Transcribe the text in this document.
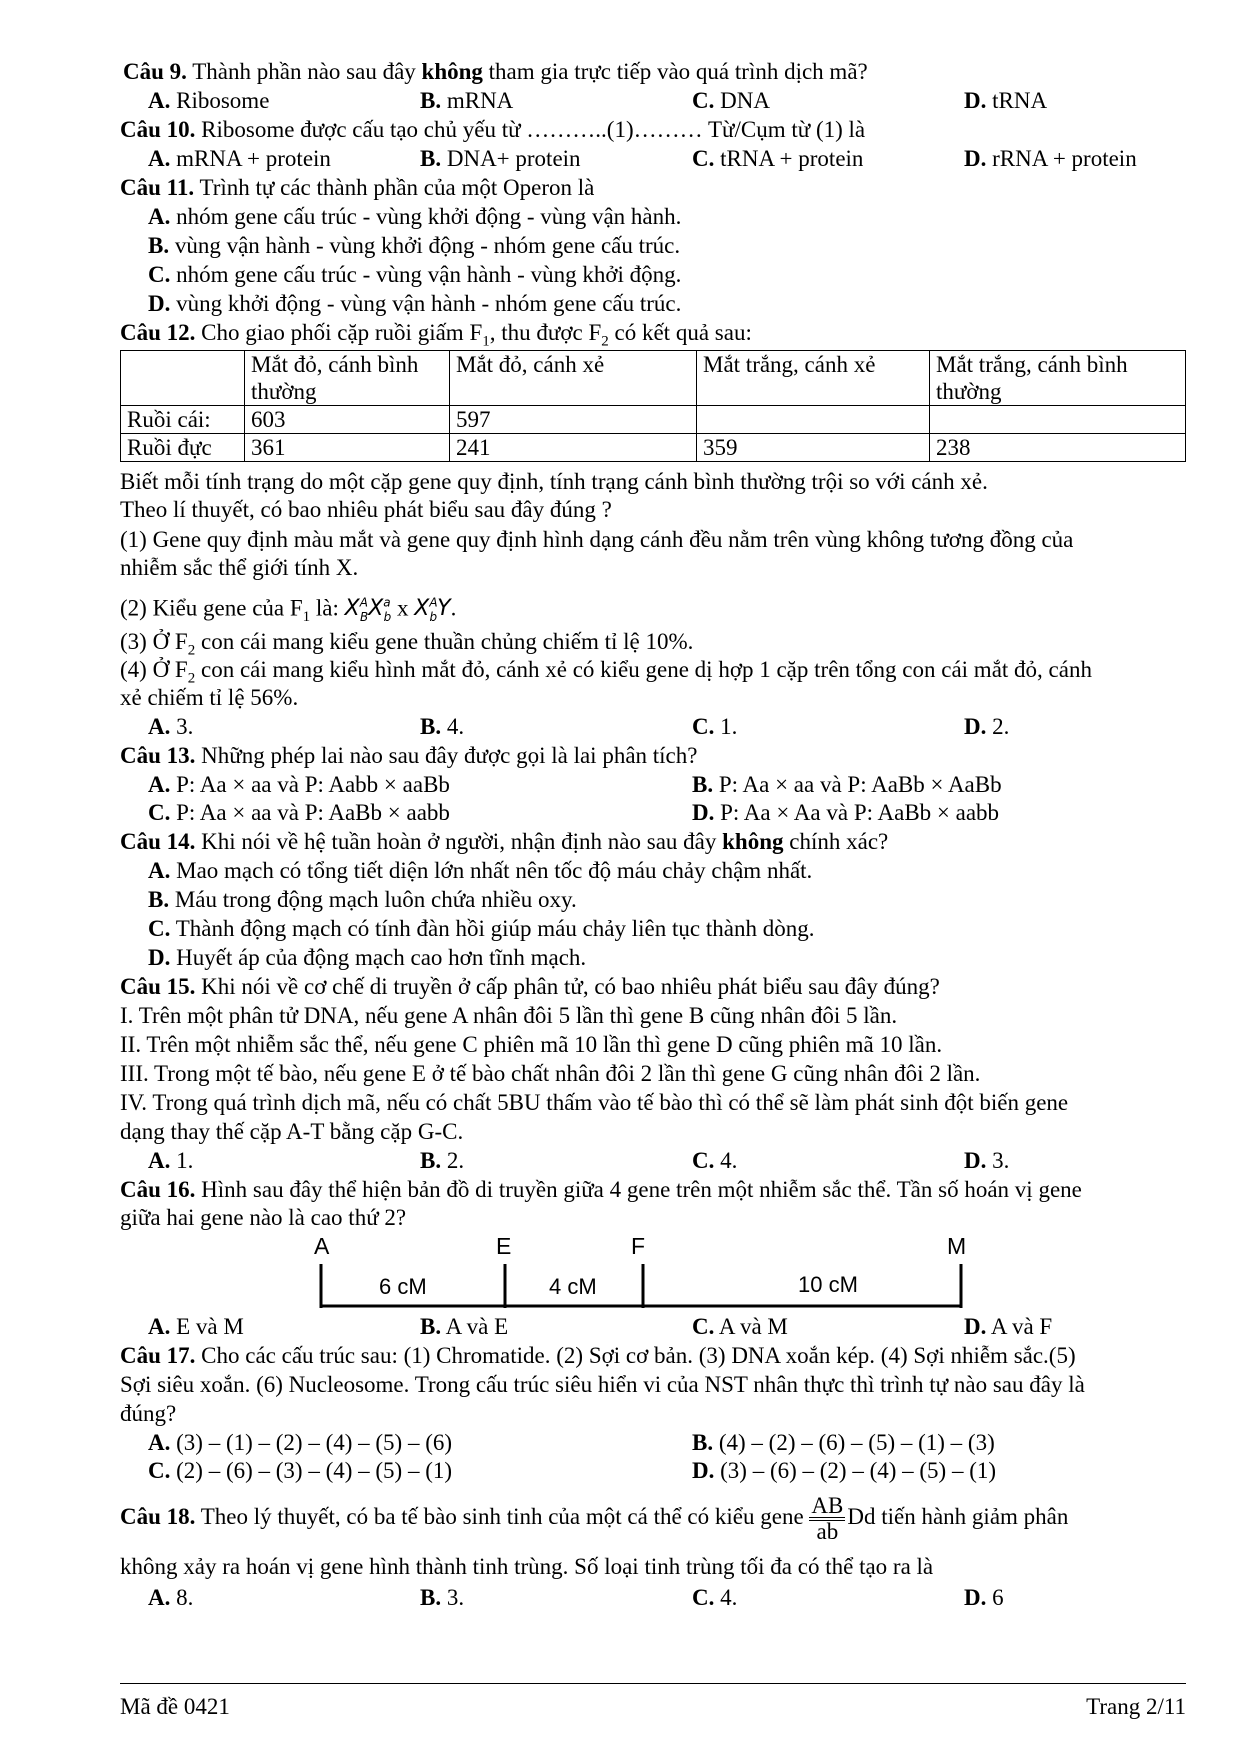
Câu 9. Thành phần nào sau đây không tham gia trực tiếp vào quá trình dịch mã?
A. Ribosome	B. mRNA	C. DNA	D. tRNA
Câu 10. Ribosome được cấu tạo chủ yếu từ ………..(1)……… Từ/Cụm từ (1) là
A. mRNA + protein	B. DNA+ protein	C. tRNA + protein	D. rRNA + protein
Câu 11. Trình tự các thành phần của một Operon là
A. nhóm gene cấu trúc - vùng khởi động - vùng vận hành.
B. vùng vận hành - vùng khởi động - nhóm gene cấu trúc.
C. nhóm gene cấu trúc - vùng vận hành - vùng khởi động.
D. vùng khởi động - vùng vận hành - nhóm gene cấu trúc.
Câu 12. Cho giao phối cặp ruồi giấm $F_1$, thu được $F_2$ có kết quả sau:
	Mắt đỏ, cánh bình thường	Mắt đỏ, cánh xẻ	Mắt trắng, cánh xẻ	Mắt trắng, cánh bình thường
Ruồi cái:	603	597		
Ruồi đực	361	241	359	238
Biết mỗi tính trạng do một cặp gene quy định, tính trạng cánh bình thường trội so với cánh xẻ.
Theo lí thuyết, có bao nhiêu phát biểu sau đây đúng ?
(1) Gene quy định màu mắt và gene quy định hình dạng cánh đều nằm trên vùng không tương đồng của
nhiễm sắc thể giới tính X.
(2) Kiểu gene của $F_1$ là: $X^A_BX^a_b$ x $X^A_bY$.
(3) Ở $F_2$ con cái mang kiểu gene thuần chủng chiếm tỉ lệ 10%.
(4) Ở $F_2$ con cái mang kiểu hình mắt đỏ, cánh xẻ có kiểu gene dị hợp 1 cặp trên tổng con cái mắt đỏ, cánh
xẻ chiếm tỉ lệ 56%.
A. 3.	B. 4.	C. 1.	D. 2.
Câu 13. Những phép lai nào sau đây được gọi là lai phân tích?
A. P: Aa × aa và P: Aabb × aaBb	B. P: Aa × aa và P: AaBb × AaBb
C. P: Aa × aa và P: AaBb × aabb	D. P: Aa × Aa và P: AaBb × aabb
Câu 14. Khi nói về hệ tuần hoàn ở người, nhận định nào sau đây không chính xác?
A. Mao mạch có tổng tiết diện lớn nhất nên tốc độ máu chảy chậm nhất.
B. Máu trong động mạch luôn chứa nhiều oxy.
C. Thành động mạch có tính đàn hồi giúp máu chảy liên tục thành dòng.
D. Huyết áp của động mạch cao hơn tĩnh mạch.
Câu 15. Khi nói về cơ chế di truyền ở cấp phân tử, có bao nhiêu phát biểu sau đây đúng?
I. Trên một phân tử DNA, nếu gene A nhân đôi 5 lần thì gene B cũng nhân đôi 5 lần.
II. Trên một nhiễm sắc thể, nếu gene C phiên mã 10 lần thì gene D cũng phiên mã 10 lần.
III. Trong một tế bào, nếu gene E ở tế bào chất nhân đôi 2 lần thì gene G cũng nhân đôi 2 lần.
IV. Trong quá trình dịch mã, nếu có chất 5BU thấm vào tế bào thì có thể sẽ làm phát sinh đột biến gene
dạng thay thế cặp A-T bằng cặp G-C.
A. 1.	B. 2.	C. 4.	D. 3.
Câu 16. Hình sau đây thể hiện bản đồ di truyền giữa 4 gene trên một nhiễm sắc thể. Tần số hoán vị gene
giữa hai gene nào là cao thứ 2?
A	E	F	M
6 cM	4 cM	10 cM
A. E và M	B. A và E	C. A và M	D. A và F
Câu 17. Cho các cấu trúc sau: (1) Chromatide. (2) Sợi cơ bản. (3) DNA xoắn kép. (4) Sợi nhiễm sắc.(5)
Sợi siêu xoắn. (6) Nucleosome. Trong cấu trúc siêu hiển vi của NST nhân thực thì trình tự nào sau đây là
đúng?
A. (3) – (1) – (2) – (4) – (5) – (6)	B. (4) – (2) – (6) – (5) – (1) – (3)
C. (2) – (6) – (3) – (4) – (5) – (1)	D. (3) – (6) – (2) – (4) – (5) – (1)
Câu 18. Theo lý thuyết, có ba tế bào sinh tinh của một cá thể có kiểu gene $\frac{AB}{ab}$ Dd tiến hành giảm phân
không xảy ra hoán vị gene hình thành tinh trùng. Số loại tinh trùng tối đa có thể tạo ra là
A. 8.	B. 3.	C. 4.	D. 6
Mã đề 0421	Trang 2/11
